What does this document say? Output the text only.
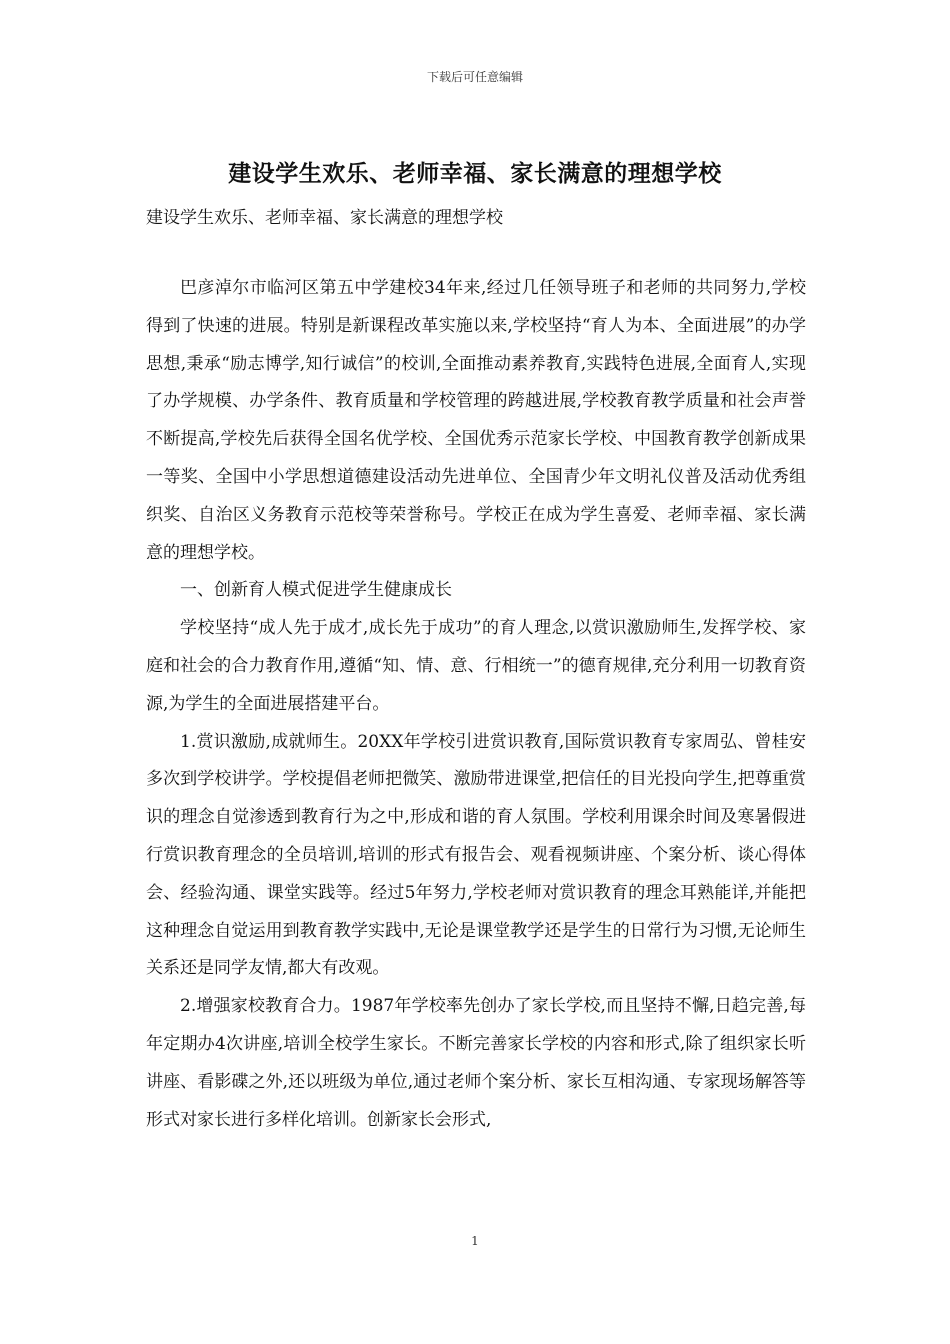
下载后可任意编辑
建设学生欢乐、老师幸福、家长满意的理想学校
建设学生欢乐、老师幸福、家长满意的理想学校

巴彦淖尔市临河区第五中学建校34年来,经过几任领导班子和老师的共同努力,学校得到了快速的进展。特别是新课程改革实施以来,学校坚持“育人为本、全面进展”的办学思想,秉承“励志博学,知行诚信”的校训,全面推动素养教育,实践特色进展,全面育人,实现了办学规模、办学条件、教育质量和学校管理的跨越进展,学校教育教学质量和社会声誉不断提高,学校先后获得全国名优学校、全国优秀示范家长学校、中国教育教学创新成果一等奖、全国中小学思想道德建设活动先进单位、全国青少年文明礼仪普及活动优秀组织奖、自治区义务教育示范校等荣誉称号。学校正在成为学生喜爱、老师幸福、家长满意的理想学校。

一、创新育人模式促进学生健康成长

学校坚持“成人先于成才,成长先于成功”的育人理念,以赏识激励师生,发挥学校、家庭和社会的合力教育作用,遵循“知、情、意、行相统一”的德育规律,充分利用一切教育资源,为学生的全面进展搭建平台。

1.赏识激励,成就师生。20XX年学校引进赏识教育,国际赏识教育专家周弘、曾桂安多次到学校讲学。学校提倡老师把微笑、激励带进课堂,把信任的目光投向学生,把尊重赏识的理念自觉渗透到教育行为之中,形成和谐的育人氛围。学校利用课余时间及寒暑假进行赏识教育理念的全员培训,培训的形式有报告会、观看视频讲座、个案分析、谈心得体会、经验沟通、课堂实践等。经过5年努力,学校老师对赏识教育的理念耳熟能详,并能把这种理念自觉运用到教育教学实践中,无论是课堂教学还是学生的日常行为习惯,无论师生关系还是同学友情,都大有改观。

2.增强家校教育合力。1987年学校率先创办了家长学校,而且坚持不懈,日趋完善,每年定期办4次讲座,培训全校学生家长。不断完善家长学校的内容和形式,除了组织家长听讲座、看影碟之外,还以班级为单位,通过老师个案分析、家长互相沟通、专家现场解答等形式对家长进行多样化培训。创新家长会形式,

1
